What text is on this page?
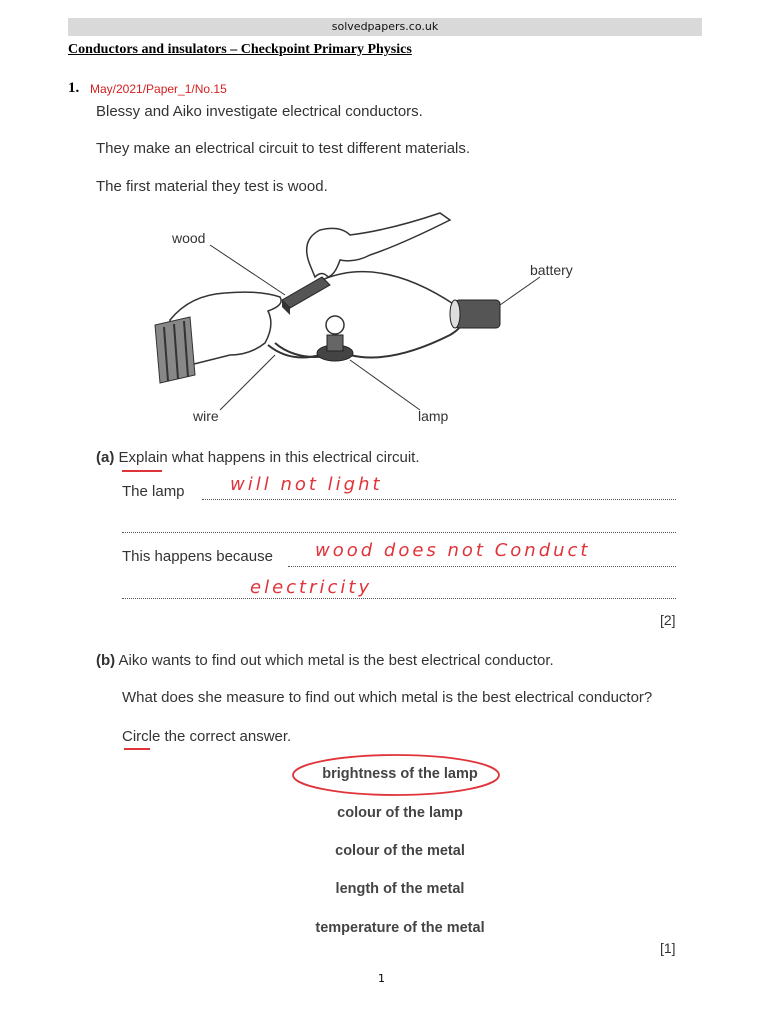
solvedpapers.co.uk
Conductors and insulators – Checkpoint Primary Physics
1. May/2021/Paper_1/No.15
Blessy and Aiko investigate electrical conductors.
They make an electrical circuit to test different materials.
The first material they test is wood.
wood
battery
wire	lamp
(a) Explain what happens in this electrical circuit.
The lamp	will not light
This happens because wood does not Conduct
electricity
[2]
(b) Aiko wants to find out which metal is the best electrical conductor.
What does she measure to find out which metal is the best electrical conductor?
Circle the correct answer.
brightness of the lamp
colour of the lamp
colour of the metal
length of the metal
temperature of the metal
[1]
1
